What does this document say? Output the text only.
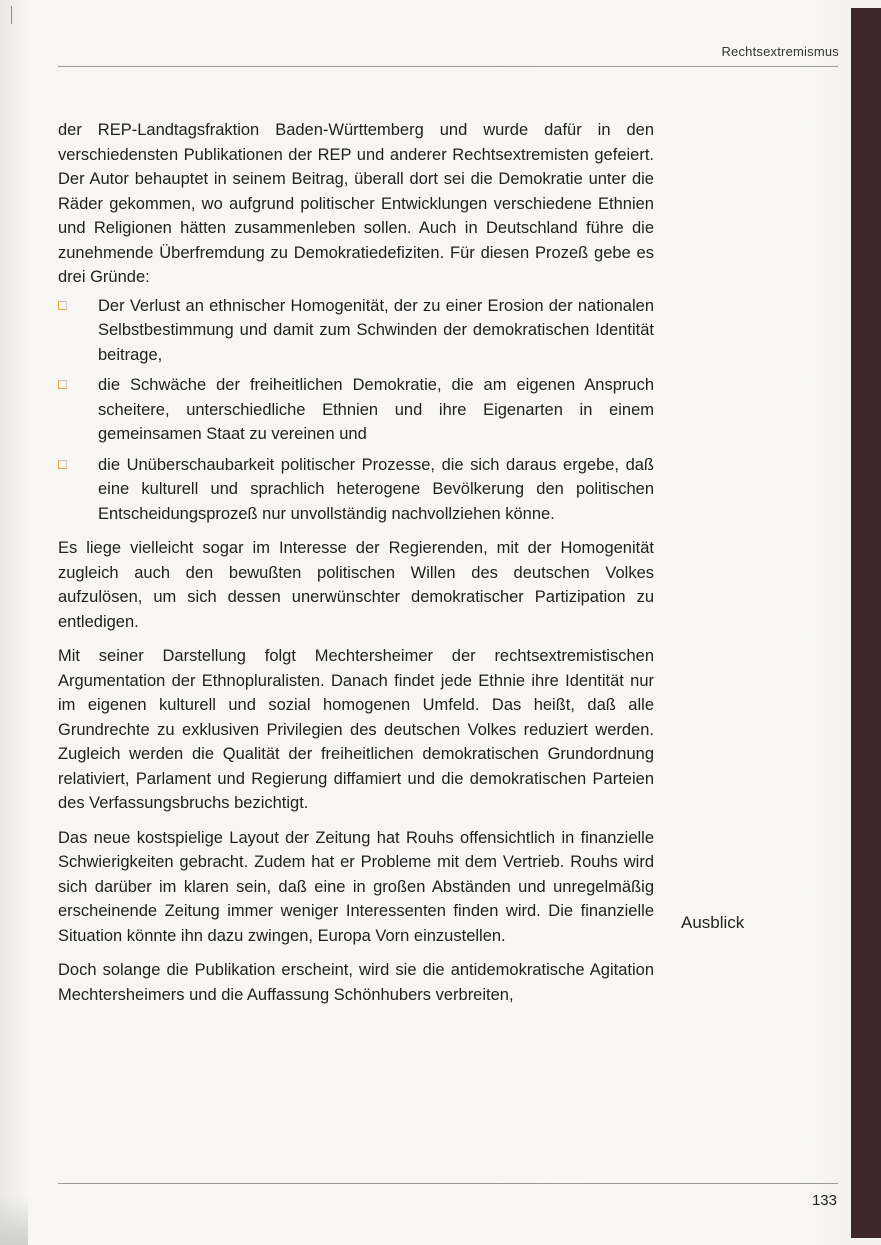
Rechtsextremismus

der REP-Landtagsfraktion Baden-Württemberg und wurde dafür in den verschiedensten Publikationen der REP und anderer Rechtsextremisten gefeiert. Der Autor behauptet in seinem Beitrag, überall dort sei die Demokratie unter die Räder gekommen, wo aufgrund politischer Entwicklungen verschiedene Ethnien und Religionen hätten zusammenleben sollen. Auch in Deutschland führe die zunehmende Überfremdung zu Demokratiedefiziten. Für diesen Prozeß gebe es drei Gründe:

Der Verlust an ethnischer Homogenität, der zu einer Erosion der nationalen Selbstbestimmung und damit zum Schwinden der demokratischen Identität beitrage,
die Schwäche der freiheitlichen Demokratie, die am eigenen Anspruch scheitere, unterschiedliche Ethnien und ihre Eigenarten in einem gemeinsamen Staat zu vereinen und
die Unüberschaubarkeit politischer Prozesse, die sich daraus ergebe, daß eine kulturell und sprachlich heterogene Bevölkerung den politischen Entscheidungsprozeß nur unvollständig nachvollziehen könne.

Es liege vielleicht sogar im Interesse der Regierenden, mit der Homogenität zugleich auch den bewußten politischen Willen des deutschen Volkes aufzulösen, um sich dessen unerwünschter demokratischer Partizipation zu entledigen.

Mit seiner Darstellung folgt Mechtersheimer der rechtsextremistischen Argumentation der Ethnopluralisten. Danach findet jede Ethnie ihre Identität nur im eigenen kulturell und sozial homogenen Umfeld. Das heißt, daß alle Grundrechte zu exklusiven Privilegien des deutschen Volkes reduziert werden. Zugleich werden die Qualität der freiheitlichen demokratischen Grundordnung relativiert, Parlament und Regierung diffamiert und die demokratischen Parteien des Verfassungsbruchs bezichtigt.

Das neue kostspielige Layout der Zeitung hat Rouhs offensichtlich in finanzielle Schwierigkeiten gebracht. Zudem hat er Probleme mit dem Vertrieb. Rouhs wird sich darüber im klaren sein, daß eine in großen Abständen und unregelmäßig erscheinende Zeitung immer weniger Interessenten finden wird. Die finanzielle Situation könnte ihn dazu zwingen, Europa Vorn einzustellen.

Doch solange die Publikation erscheint, wird sie die antidemokratische Agitation Mechtersheimers und die Auffassung Schönhubers verbreiten,

Ausblick
133
